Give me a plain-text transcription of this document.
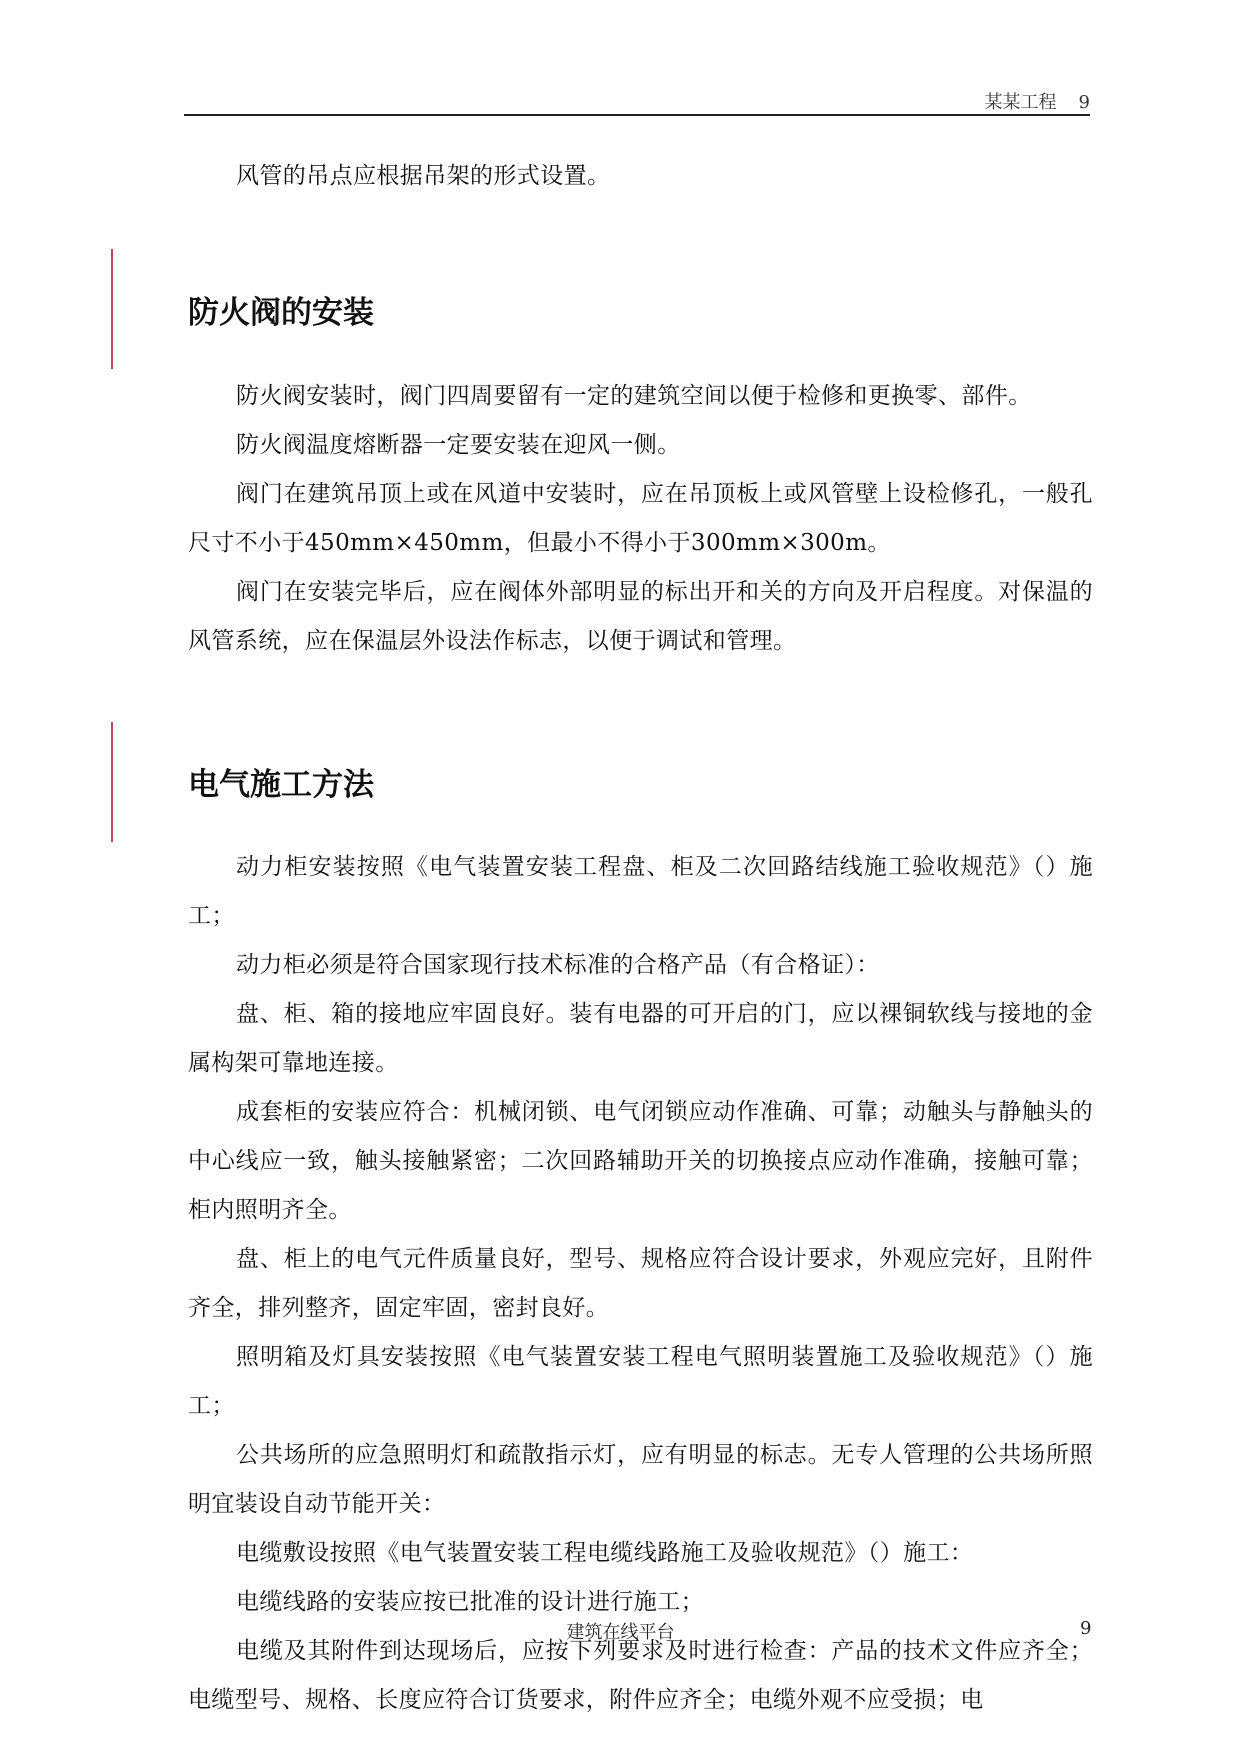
某某工程 9

风管的吊点应根据吊架的形式设置。

防火阀的安装

防火阀安装时，阀门四周要留有一定的建筑空间以便于检修和更换零、部件。

防火阀温度熔断器一定要安装在迎风一侧。

阀门在建筑吊顶上或在风道中安装时，应在吊顶板上或风管壁上设检修孔，一般孔尺寸不小于450mm×450mm，但最小不得小于300mm×300m。

阀门在安装完毕后，应在阀体外部明显的标出开和关的方向及开启程度。对保温的风管系统，应在保温层外设法作标志，以便于调试和管理。

电气施工方法

动力柜安装按照《电气装置安装工程盘、柜及二次回路结线施工验收规范》（）施工；

动力柜必须是符合国家现行技术标准的合格产品（有合格证）：

盘、柜、箱的接地应牢固良好。装有电器的可开启的门，应以裸铜软线与接地的金属构架可靠地连接。

成套柜的安装应符合：机械闭锁、电气闭锁应动作准确、可靠；动触头与静触头的中心线应一致，触头接触紧密；二次回路辅助开关的切换接点应动作准确，接触可靠；柜内照明齐全。

盘、柜上的电气元件质量良好，型号、规格应符合设计要求，外观应完好，且附件齐全，排列整齐，固定牢固，密封良好。

照明箱及灯具安装按照《电气装置安装工程电气照明装置施工及验收规范》（）施工；

公共场所的应急照明灯和疏散指示灯，应有明显的标志。无专人管理的公共场所照明宜装设自动节能开关：

电缆敷设按照《电气装置安装工程电缆线路施工及验收规范》（）施工：

电缆线路的安装应按已批准的设计进行施工；

电缆及其附件到达现场后，应按下列要求及时进行检查：产品的技术文件应齐全；电缆型号、规格、长度应符合订货要求，附件应齐全；电缆外观不应受损；电

建筑在线平台	9
